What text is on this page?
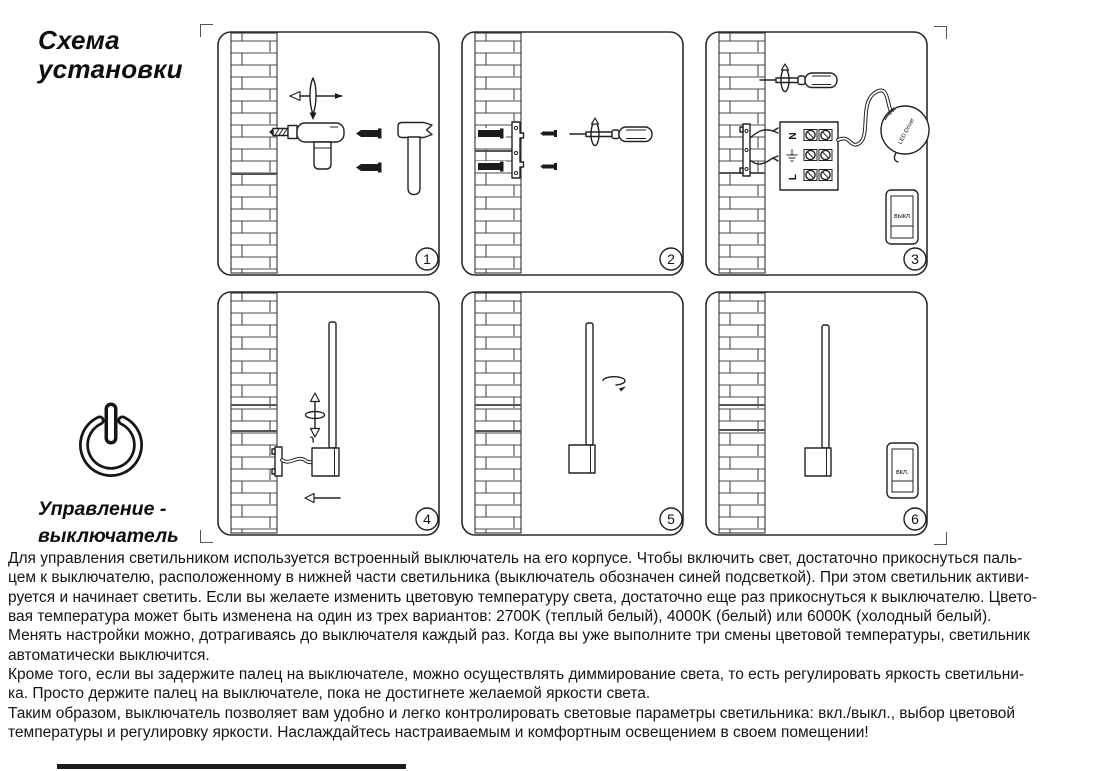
Схема
установки
1	2
N
L
L N
LED Driver
выкл
3
4	5
вкл.
6
Управление -
выключатель
Для управления светильником используется встроенный выключатель на его корпусе. Чтобы включить свет, достаточно прикоснуться паль-
цем к выключателю, расположенному в нижней части светильника (выключатель обозначен синей подсветкой). При этом светильник активи-
руется и начинает светить. Если вы желаете изменить цветовую температуру света, достаточно еще раз прикоснуться к выключателю. Цвето-
вая температура может быть изменена на один из трех вариантов: 2700K (теплый белый), 4000K (белый) или 6000K (холодный белый).
Менять настройки можно, дотрагиваясь до выключателя каждый раз. Когда вы уже выполните три смены цветовой температуры, светильник
автоматически выключится.
Кроме того, если вы задержите палец на выключателе, можно осуществлять диммирование света, то есть регулировать яркость светильни-
ка. Просто держите палец на выключателе, пока не достигнете желаемой яркости света.
Таким образом, выключатель позволяет вам удобно и легко контролировать световые параметры светильника: вкл./выкл., выбор цветовой
температуры и регулировку яркости. Наслаждайтесь настраиваемым и комфортным освещением в своем помещении!
